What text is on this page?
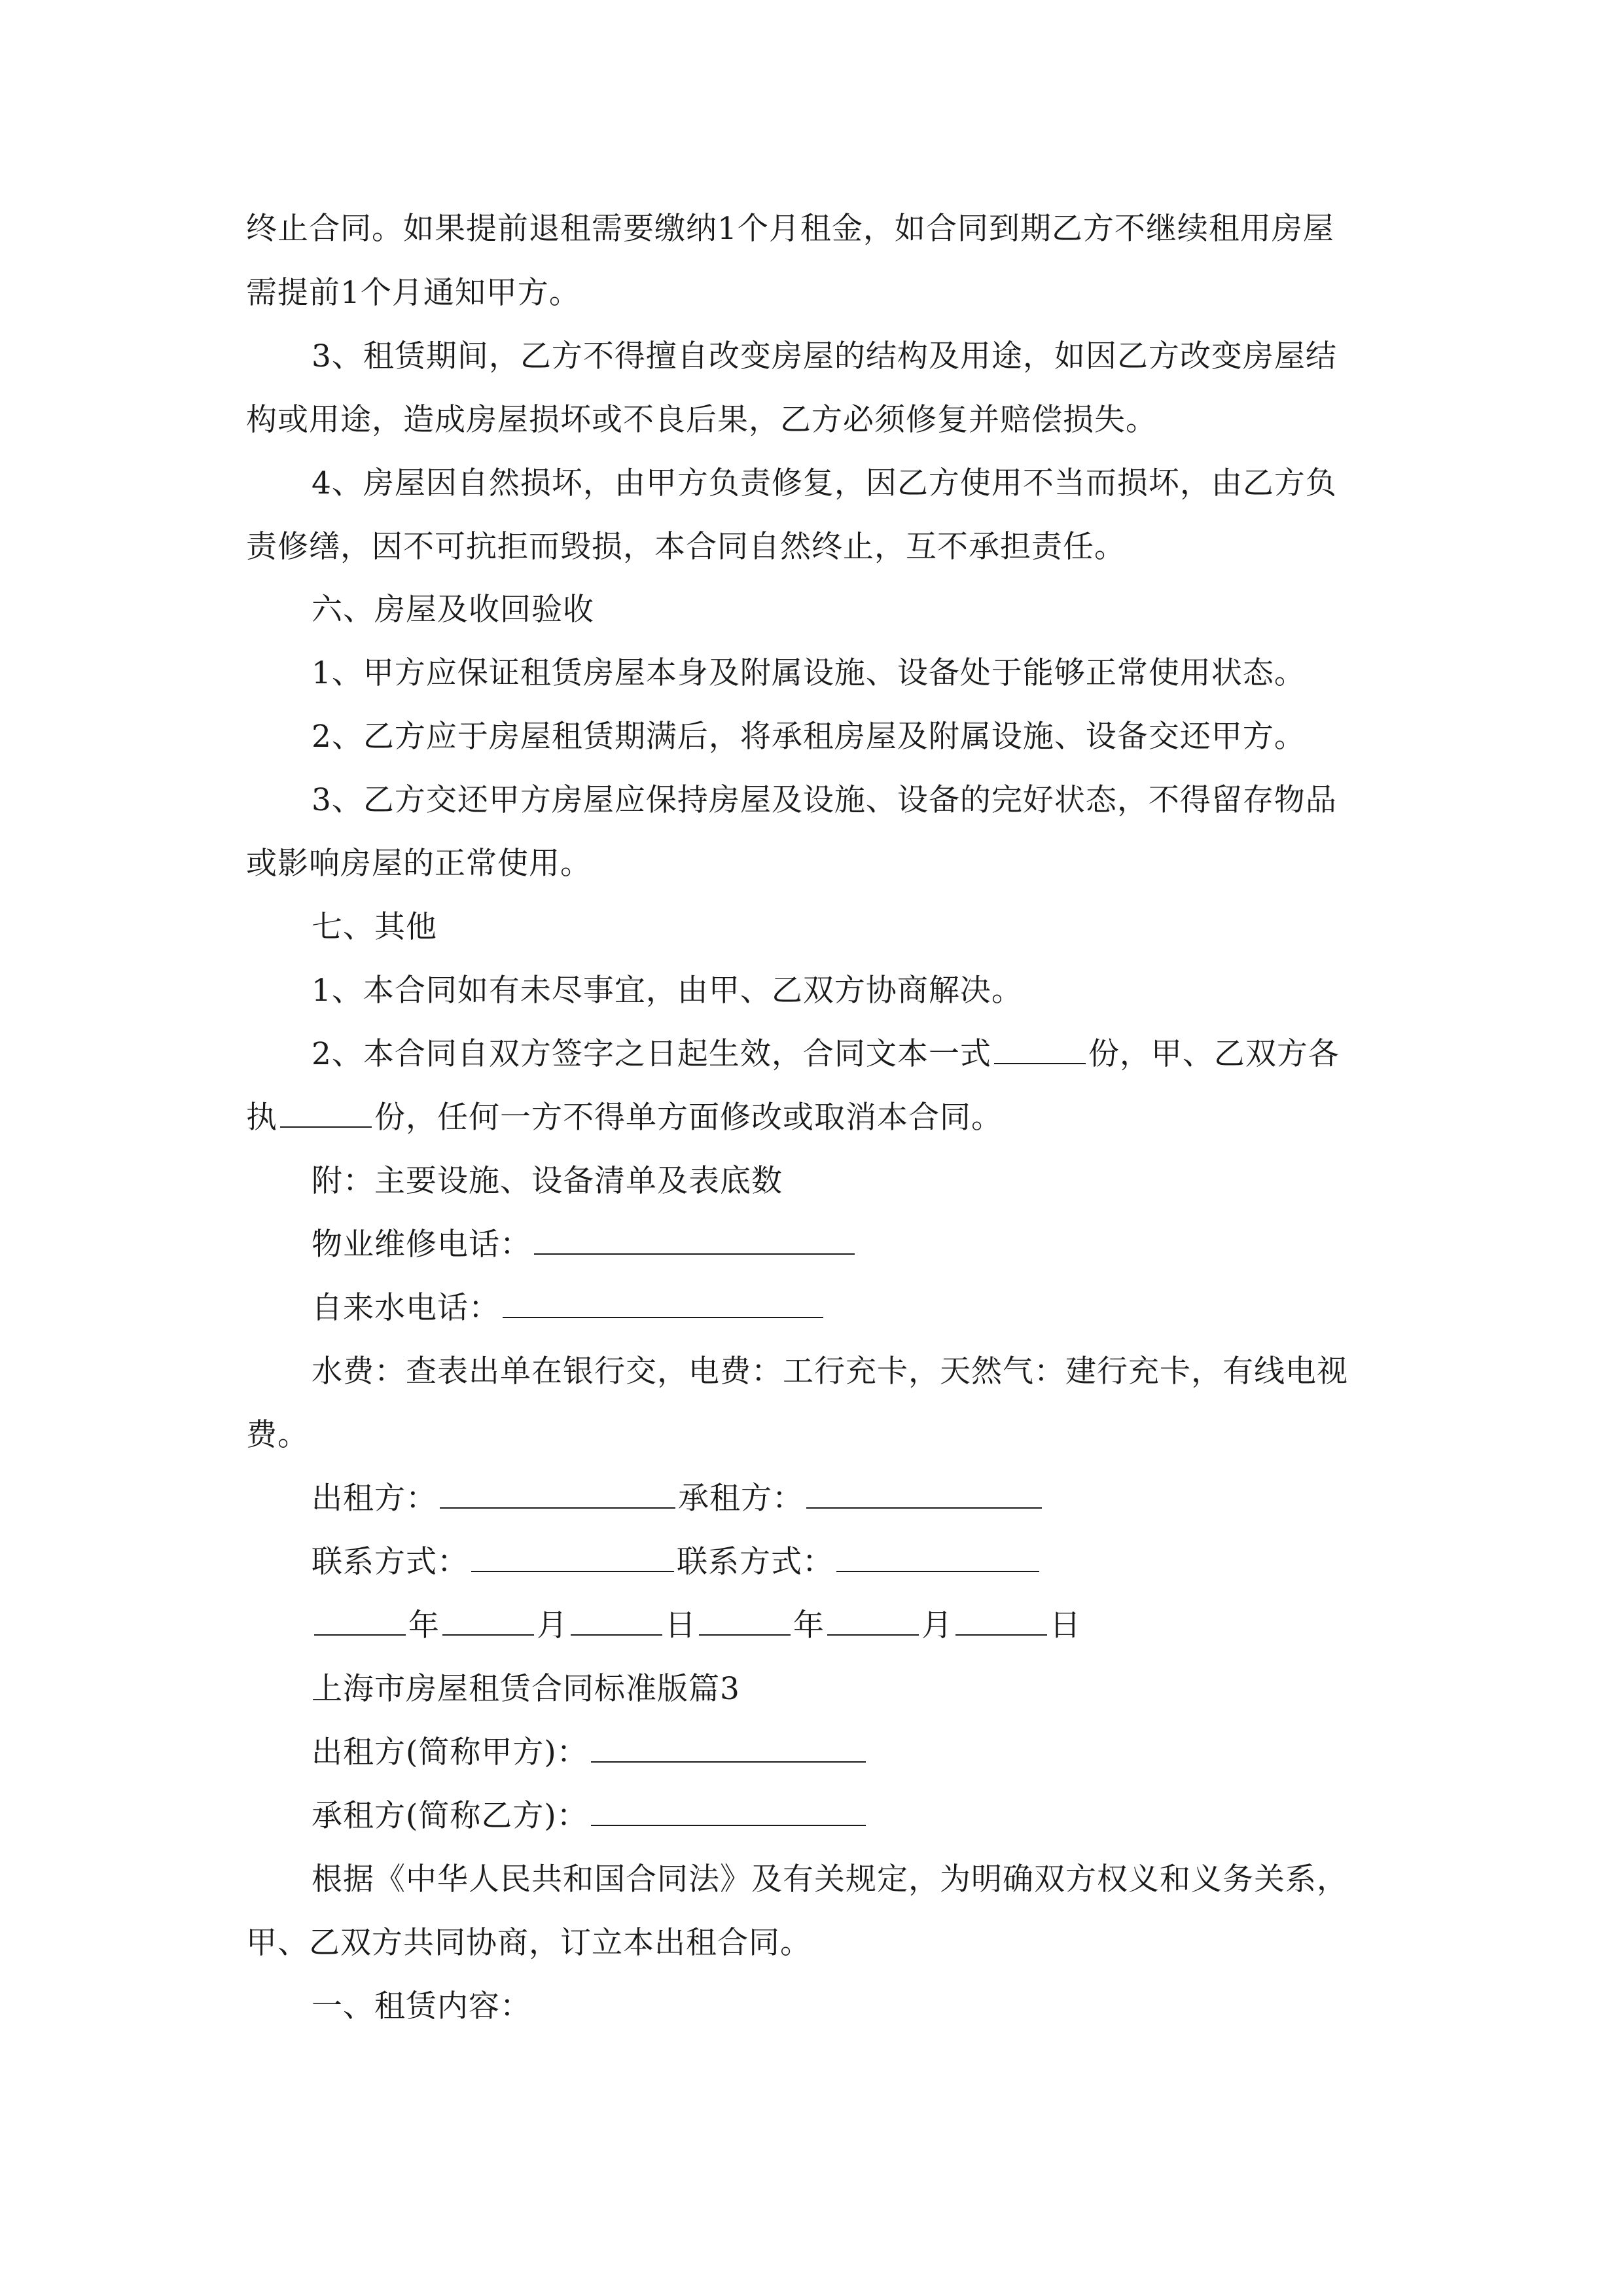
终止合同。如果提前退租需要缴纳1个月租金，如合同到期乙方不继续租用房屋
需提前1个月通知甲方。
3、租赁期间，乙方不得擅自改变房屋的结构及用途，如因乙方改变房屋结
构或用途，造成房屋损坏或不良后果，乙方必须修复并赔偿损失。
4、房屋因自然损坏，由甲方负责修复，因乙方使用不当而损坏，由乙方负
责修缮，因不可抗拒而毁损，本合同自然终止，互不承担责任。
六、房屋及收回验收
1、甲方应保证租赁房屋本身及附属设施、设备处于能够正常使用状态。
2、乙方应于房屋租赁期满后，将承租房屋及附属设施、设备交还甲方。
3、乙方交还甲方房屋应保持房屋及设施、设备的完好状态，不得留存物品
或影响房屋的正常使用。
七、其他
1、本合同如有未尽事宜，由甲、乙双方协商解决。
2、本合同自双方签字之日起生效，合同文本一式	份，甲、乙双方各
执	份，任何一方不得单方面修改或取消本合同。
附：主要设施、设备清单及表底数
物业维修电话：
自来水电话：
水费：查表出单在银行交，电费：工行充卡，天然气：建行充卡，有线电视
费。
出租方：	承租方：
联系方式：	联系方式：
年	月	日	年	月	日
上海市房屋租赁合同标准版篇3
出租方(简称甲方)：
承租方(简称乙方)：
根据《中华人民共和国合同法》及有关规定，为明确双方权义和义务关系，
甲、乙双方共同协商，订立本出租合同。
一、租赁内容：
